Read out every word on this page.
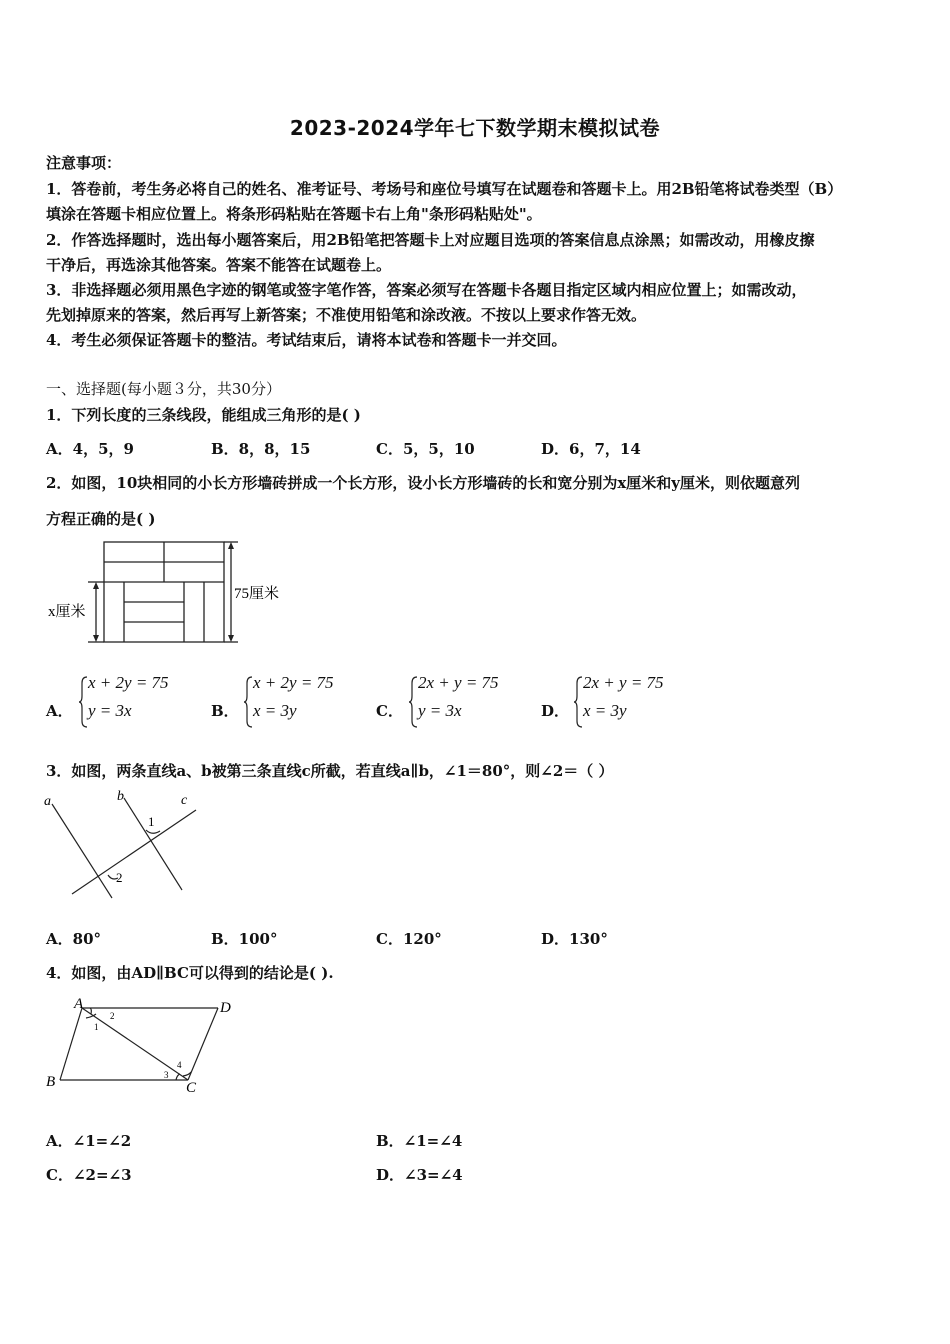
2023-2024学年七下数学期末模拟试卷
注意事项：
1．答卷前，考生务必将自己的姓名、准考证号、考场号和座位号填写在试题卷和答题卡上。用2B铅笔将试卷类型（B）
填涂在答题卡相应位置上。将条形码粘贴在答题卡右上角"条形码粘贴处"。
2．作答选择题时，选出每小题答案后，用2B铅笔把答题卡上对应题目选项的答案信息点涂黑；如需改动，用橡皮擦
干净后，再选涂其他答案。答案不能答在试题卷上。
3．非选择题必须用黑色字迹的钢笔或签字笔作答，答案必须写在答题卡各题目指定区域内相应位置上；如需改动，
先划掉原来的答案，然后再写上新答案；不准使用铅笔和涂改液。不按以上要求作答无效。
4．考生必须保证答题卡的整洁。考试结束后，请将本试卷和答题卡一并交回。
一、选择题(每小题３分，共30分）
1．下列长度的三条线段，能组成三角形的是( )
A．4，5，9	B．8，8，15	C．5，5，10	D．6，7，14
2．如图，10块相同的小长方形墙砖拼成一个长方形，设小长方形墙砖的长和宽分别为x厘米和y厘米，则依题意列
方程正确的是( )
x厘米
75厘米
A．
x + 2y = 75
y = 3x	B．
x + 2y = 75
x = 3y	C．
2x + y = 75
y = 3x	D．
2x + y = 75
x = 3y
3．如图，两条直线a、b被第三条直线c所截，若直线a∥b，∠1＝80°，则∠2＝（ ）
a	b	c
1
2
A．80°	B．100°	C．120°	D．130°
4．如图，由AD∥BC可以得到的结论是( ).
A	D
B	C
1
2
3
4
A．∠1=∠2	B．∠1=∠4
C．∠2=∠3	D．∠3=∠4
